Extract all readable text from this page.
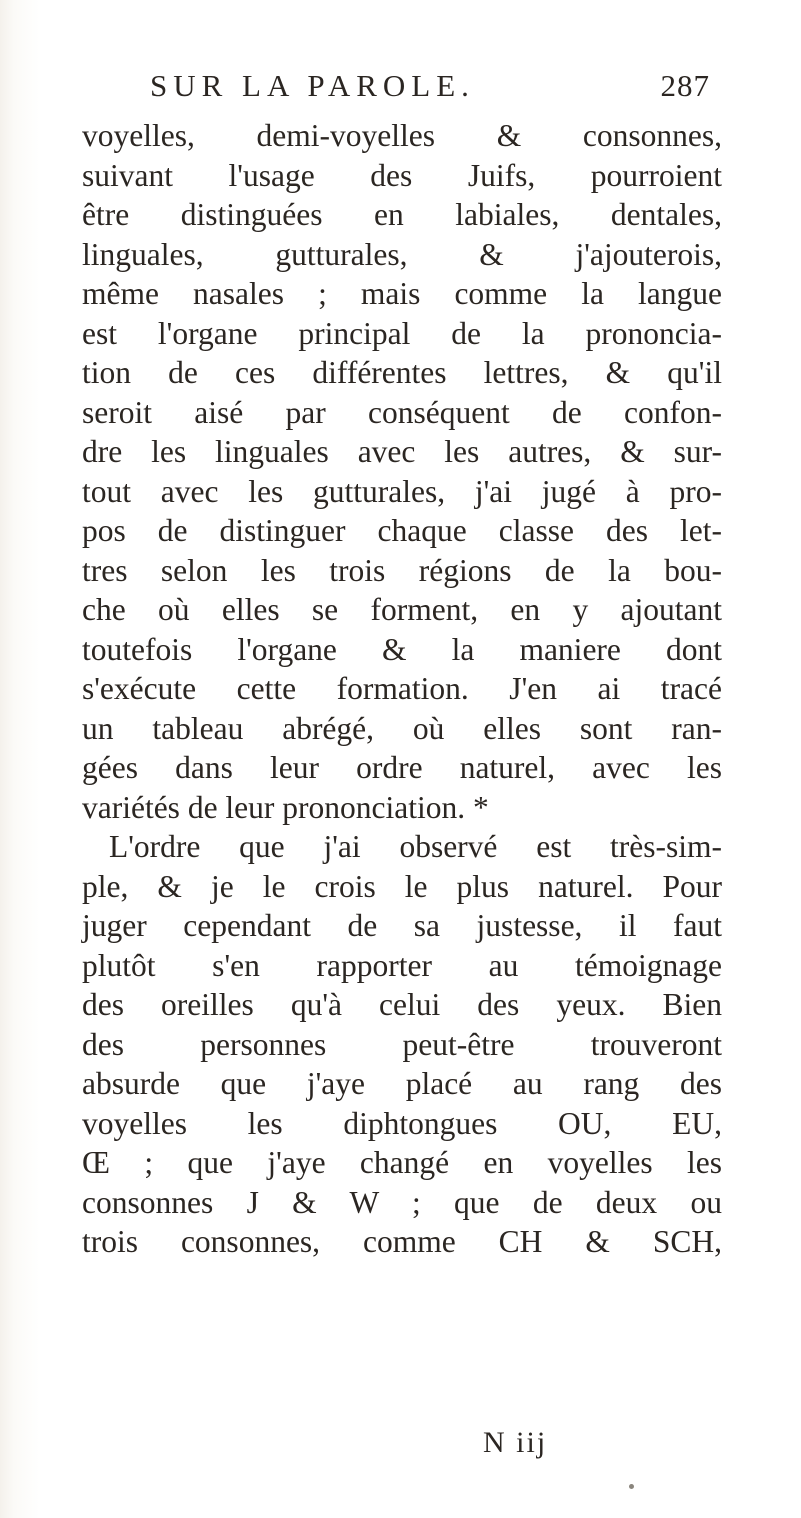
SUR LA PAROLE.	287
voyelles, demi-voyelles & consonnes,
suivant l'usage des Juifs, pourroient
être distinguées en labiales, dentales,
linguales, gutturales, & j'ajouterois,
même nasales ; mais comme la langue
est l'organe principal de la prononcia-
tion de ces différentes lettres, & qu'il
seroit aisé par conséquent de confon-
dre les linguales avec les autres, & sur-
tout avec les gutturales, j'ai jugé à pro-
pos de distinguer chaque classe des let-
tres selon les trois régions de la bou-
che où elles se forment, en y ajoutant
toutefois l'organe & la maniere dont
s'exécute cette formation. J'en ai tracé
un tableau abrégé, où elles sont ran-
gées dans leur ordre naturel, avec les
variétés de leur prononciation. *
L'ordre que j'ai observé est très-sim-
ple, & je le crois le plus naturel. Pour
juger cependant de sa justesse, il faut
plutôt s'en rapporter au témoignage
des oreilles qu'à celui des yeux. Bien
des personnes peut-être trouveront
absurde que j'aye placé au rang des
voyelles les diphtongues OU, EU,
Œ ; que j'aye changé en voyelles les
consonnes J & W ; que de deux ou
trois consonnes, comme CH & SCH,
N iij
